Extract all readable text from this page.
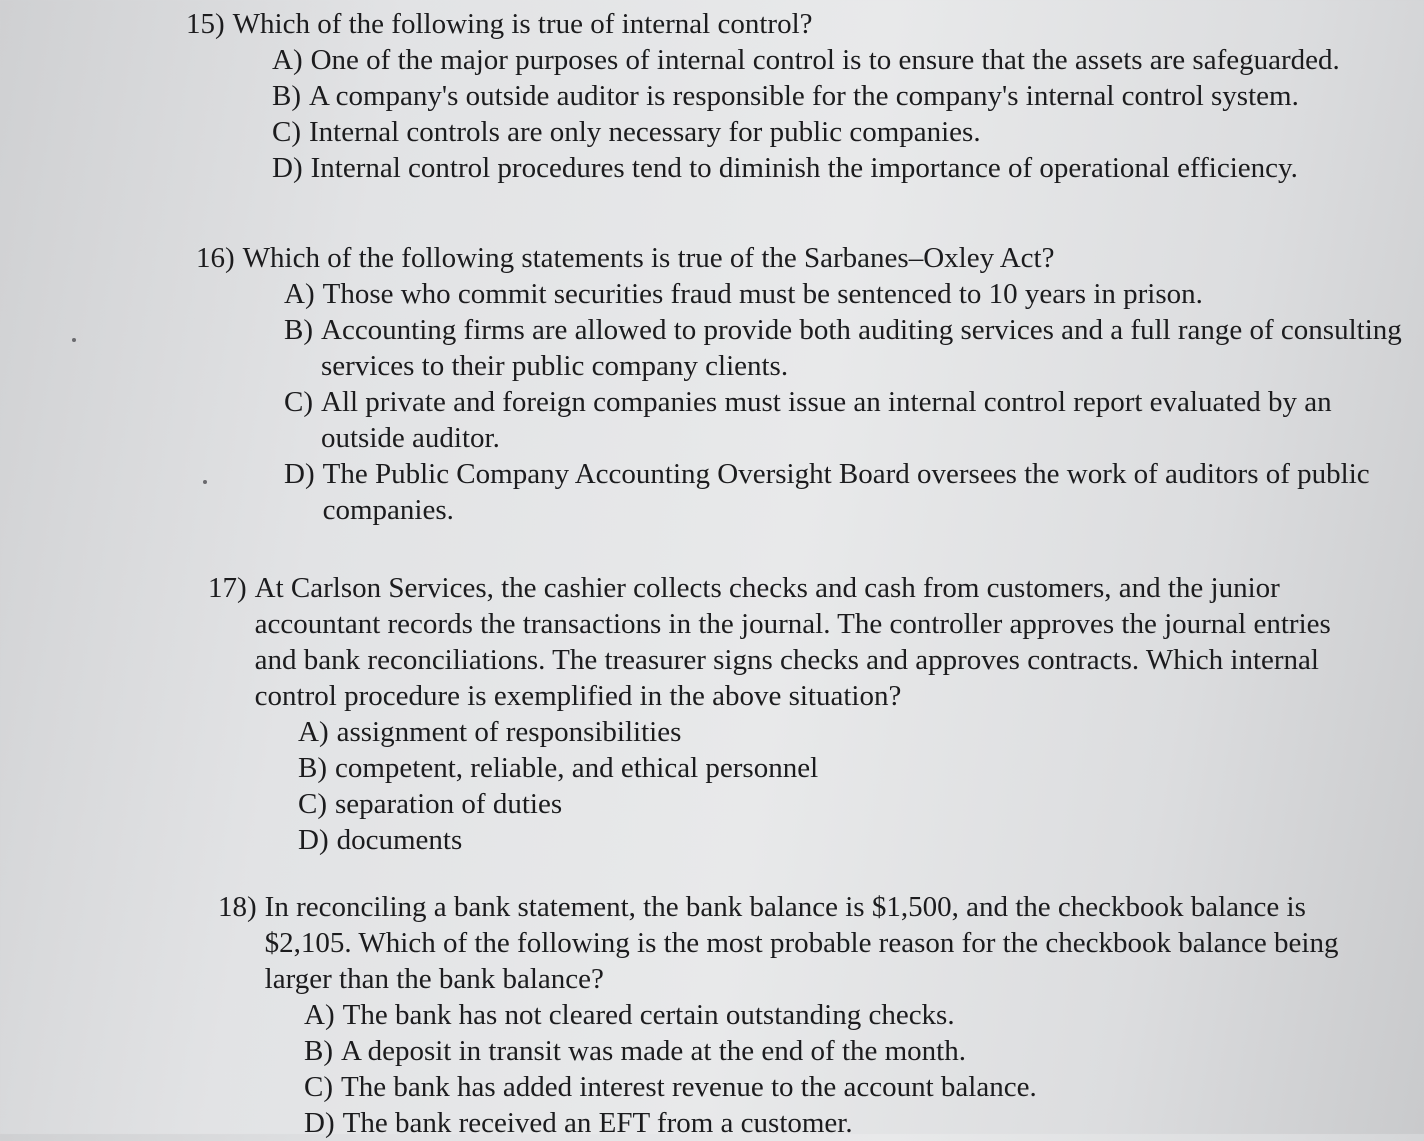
15) Which of the following is true of internal control?
A) One of the major purposes of internal control is to ensure that the assets are safeguarded.
B) A company's outside auditor is responsible for the company's internal control system.
C) Internal controls are only necessary for public companies.
D) Internal control procedures tend to diminish the importance of operational efficiency.
16) Which of the following statements is true of the Sarbanes–Oxley Act?
A) Those who commit securities fraud must be sentenced to 10 years in prison.
B) Accounting firms are allowed to provide both auditing services and a full range of consulting services to their public company clients.
C) All private and foreign companies must issue an internal control report evaluated by an outside auditor.
D) The Public Company Accounting Oversight Board oversees the work of auditors of public companies.
17) At Carlson Services, the cashier collects checks and cash from customers, and the junior accountant records the transactions in the journal. The controller approves the journal entries and bank reconciliations. The treasurer signs checks and approves contracts. Which internal control procedure is exemplified in the above situation?
A) assignment of responsibilities
B) competent, reliable, and ethical personnel
C) separation of duties
D) documents
18) In reconciling a bank statement, the bank balance is $1,500, and the checkbook balance is $2,105. Which of the following is the most probable reason for the checkbook balance being larger than the bank balance?
A) The bank has not cleared certain outstanding checks.
B) A deposit in transit was made at the end of the month.
C) The bank has added interest revenue to the account balance.
D) The bank received an EFT from a customer.
